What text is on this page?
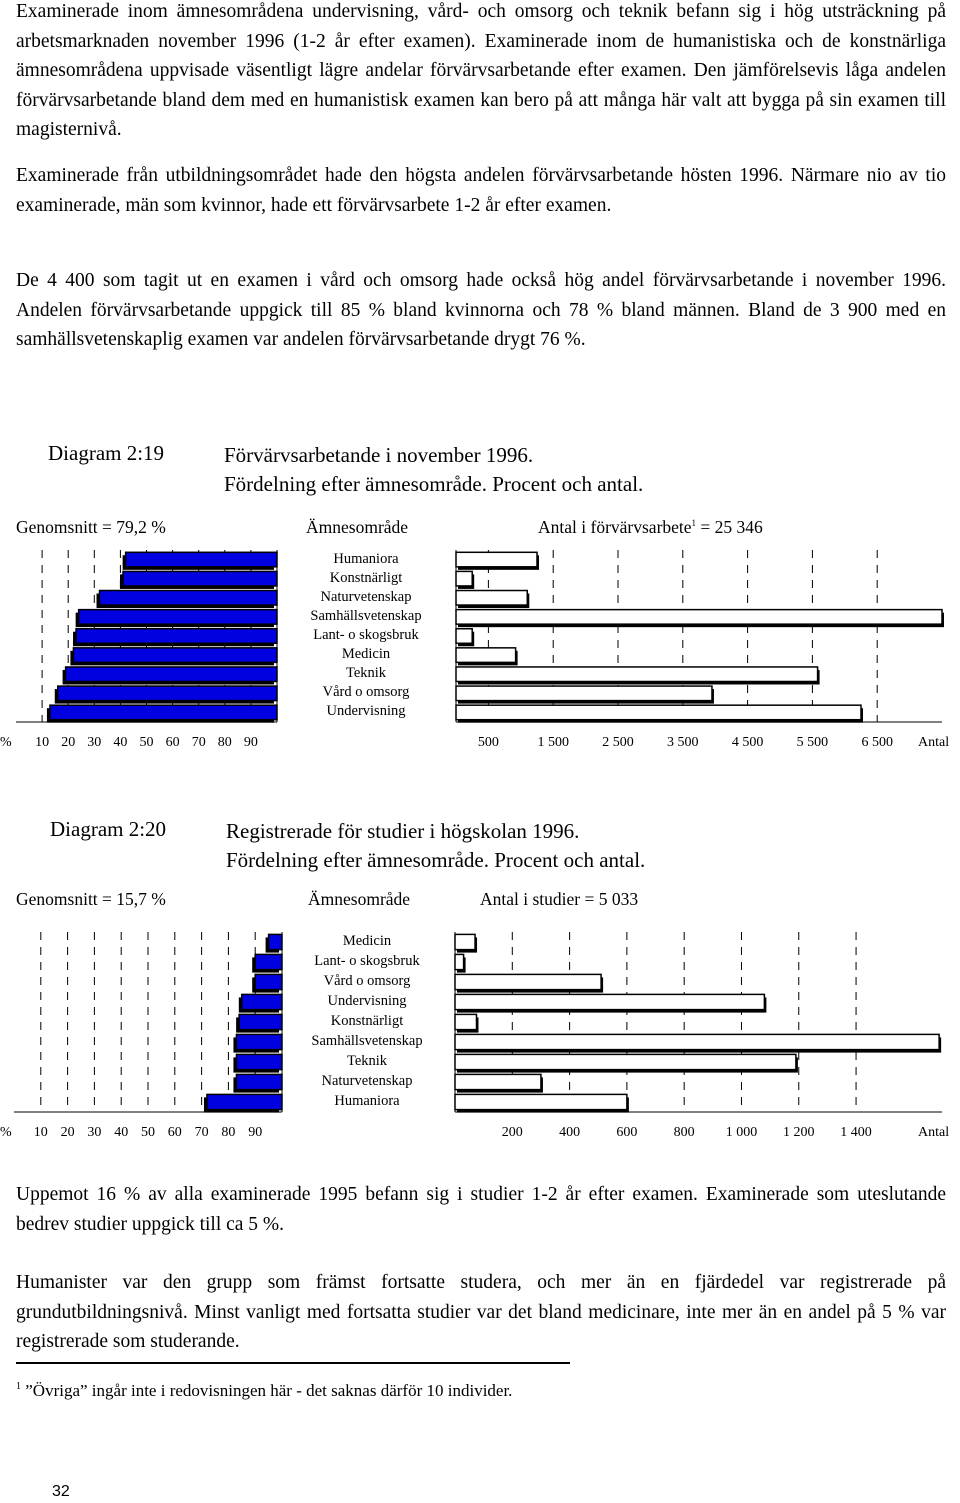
Examinerade inom ämnesområdena undervisning, vård- och omsorg och teknik befann sig i hög utsträckning på arbetsmarknaden november 1996 (1-2 år efter examen). Examinerade inom de humanistiska och de konstnärliga ämnesområdena uppvisade väsentligt lägre andelar förvärvsarbetande efter examen. Den jämförelsevis låga andelen förvärvsarbetande bland dem med en humanistisk examen kan bero på att många här valt att bygga på sin examen till magisternivå.

Examinerade från utbildningsområdet hade den högsta andelen förvärvsarbetande hösten 1996. Närmare nio av tio examinerade, män som kvinnor, hade ett förvärvsarbete 1-2 år efter examen.

De 4 400 som tagit ut en examen i vård och omsorg hade också hög andel förvärvsarbetande i november 1996. Andelen förvärvsarbetande uppgick till 85 % bland kvinnorna och 78 % bland männen. Bland de 3 900 med en samhällsvetenskaplig examen var andelen förvärvsarbetande drygt 76 %.

Diagram 2:19	Förvärvsarbetande i november 1996.
Fördelning efter ämnesområde. Procent och antal.
Genomsnitt = 79,2 %	Ämnesområde	Antal i förvärvsarbete$^1$ = 25 346
Humaniora
Konstnärligt
Naturvetenskap
Samhällsvetenskap
Lant- o skogsbruk
Medicin
Teknik
Vård o omsorg
Undervisning
%	90
80
70
60
50
40
30
20
10	500	1 500 2 500 3 500 4 500 5 500 6 500 Antal
Diagram 2:20	Registrerade för studier i högskolan 1996.
Fördelning efter ämnesområde. Procent och antal.
Genomsnitt = 15,7 %	Ämnesområde	Antal i studier = 5 033
Medicin
Lant- o skogsbruk
Vård o omsorg
Undervisning
Konstnärligt
Samhällsvetenskap
Teknik
Naturvetenskap
Humaniora
%	90
80
70
60
50
40
30
20
10	200	400	600	800 1 000 1 200 1 400	Antal

Uppemot 16 % av alla examinerade 1995 befann sig i studier 1-2 år efter examen. Examinerade som uteslutande bedrev studier uppgick till ca 5 %.

Humanister var den grupp som främst fortsatte studera, och mer än en fjärdedel var registrerade på grundutbildningsnivå. Minst vanligt med fortsatta studier var det bland medicinare, inte mer än en andel på 5 % var registrerade som studerande.

$^1$ ”Övriga” ingår inte i redovisningen här - det saknas därför 10 individer.
32
